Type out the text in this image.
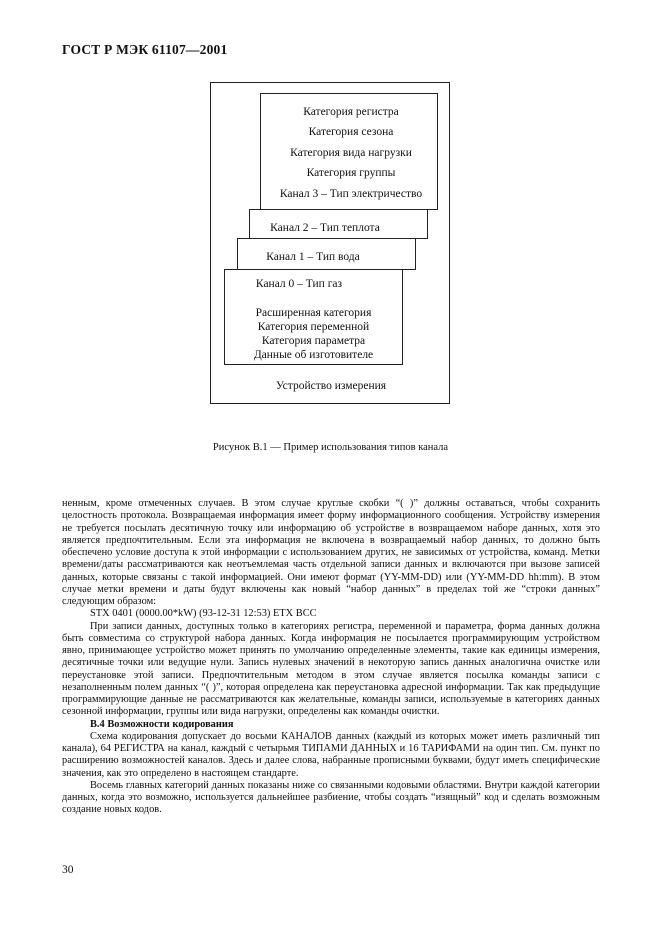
ГОСТ Р МЭК 61107—2001
Категория регистра
Категория сезона
Категория вида нагрузки
Категория группы
Канал 3 – Тип электричество
Канал 2 – Тип теплота
Канал 1 – Тип вода
Канал 0 – Тип газ
Расширенная категория
Категория переменной
Категория параметра
Данные об изготовителе
Устройство измерения
Рисунок В.1 — Пример использования типов канала

ненным, кроме отмеченных случаев. В этом случае круглые скобки “( )” должны оставаться, чтобы сохранить целостность протокола. Возвращаемая информация имеет форму информационного сообщения. Устройству измерения не требуется посылать десятичную точку или информацию об устройстве в возвращаемом наборе данных, хотя это является предпочтительным. Если эта информация не включена в возвращаемый набор данных, то должно быть обеспечено условие доступа к этой информации с использованием других, не зависимых от устройства, команд. Метки времени/даты рассматриваются как неотъемлемая часть отдельной записи данных и включаются при вызове записей данных, которые связаны с такой информацией. Они имеют формат (YY-MM-DD) или (YY-MM-DD hh:mm). В этом случае метки времени и даты будут включены как новый “набор данных” в пределах той же “строки данных” следующим образом:

STX 0401 (0000.00*kW) (93-12-31 12:53) ETX BCC

При записи данных, доступных только в категориях регистра, переменной и параметра, форма данных должна быть совместима со структурой набора данных. Когда информация не посылается программирующим устройством явно, принимающее устройство может принять по умолчанию определенные элементы, такие как единицы измерения, десятичные точки или ведущие нули. Запись нулевых значений в некоторую запись данных аналогична очистке или переустановке этой записи. Предпочтительным методом в этом случае является посылка команды записи с незаполненным полем данных “( )”, которая определена как переустановка адресной информации. Так как предыдущие программирующие данные не рассматриваются как желательные, команды записи, используемые в категориях данных сезонной информации, группы или вида нагрузки, определены как команды очистки.

В.4 Возможности кодирования

Схема кодирования допускает до восьми КАНАЛОВ данных (каждый из которых может иметь различный тип канала), 64 РЕГИСТРА на канал, каждый с четырьмя ТИПАМИ ДАННЫХ и 16 ТАРИФАМИ на один тип. См. пункт по расширению возможностей каналов. Здесь и далее слова, набранные прописными буквами, будут иметь специфические значения, как это определено в настоящем стандарте.

Восемь главных категорий данных показаны ниже со связанными кодовыми областями. Внутри каждой категории данных, когда это возможно, используется дальнейшее разбиение, чтобы создать “изящный” код и сделать возможным создание новых кодов.

30
